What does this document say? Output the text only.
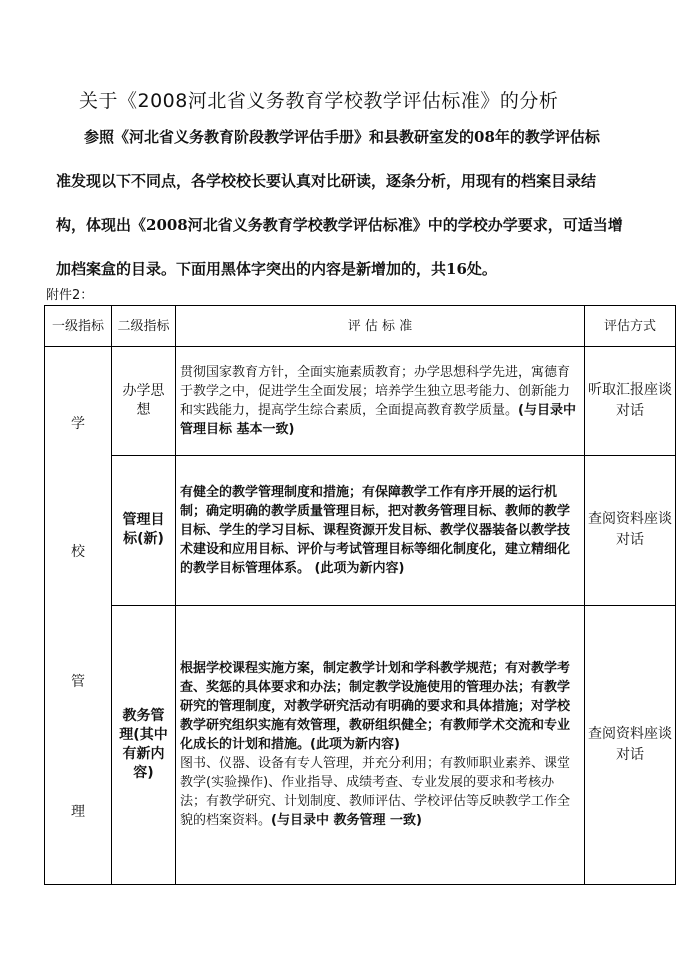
关于《2008河北省义务教育学校教学评估标准》的分析
参照《河北省义务教育阶段教学评估手册》和县教研室发的08年的教学评估标
准发现以下不同点，各学校校长要认真对比研读，逐条分析，用现有的档案目录结
构，体现出《2008河北省义务教育学校教学评估标准》中的学校办学要求，可适当增
加档案盒的目录。下面用黑体字突出的内容是新增加的，共16处。
附件2：
一级指标	二级指标	评 估 标 准	评估方式

学
校
管
理	办学思想	贯彻国家教育方针，全面实施素质教育；办学思想科学先进，寓德育于教学之中，促进学生全面发展；培养学生独立思考能力、创新能力和实践能力，提高学生综合素质，全面提高教育教学质量。(与目录中 管理目标 基本一致)	听取汇报座谈对话
	管理目标(新)	有健全的教学管理制度和措施；有保障教学工作有序开展的运行机制；确定明确的教学质量管理目标，把对教务管理目标、教师的教学目标、学生的学习目标、课程资源开发目标、教学仪器装备以教学技术建设和应用目标、评价与考试管理目标等细化制度化，建立精细化的教学目标管理体系。 (此项为新内容)	查阅资料座谈对话
	教务管理(其中有新内容)	根据学校课程实施方案，制定教学计划和学科教学规范；有对教学考查、奖惩的具体要求和办法；制定教学设施使用的管理办法；有教学研究的管理制度，对教学研究活动有明确的要求和具体措施；对学校教学研究组织实施有效管理，教研组织健全；有教师学术交流和专业化成长的计划和措施。(此项为新内容)
图书、仪器、设备有专人管理，并充分利用；有教师职业素养、课堂教学(实验操作)、作业指导、成绩考查、专业发展的要求和考核办法；有教学研究、计划制度、教师评估、学校评估等反映教学工作全貌的档案资料。(与目录中 教务管理 一致)	查阅资料座谈对话
